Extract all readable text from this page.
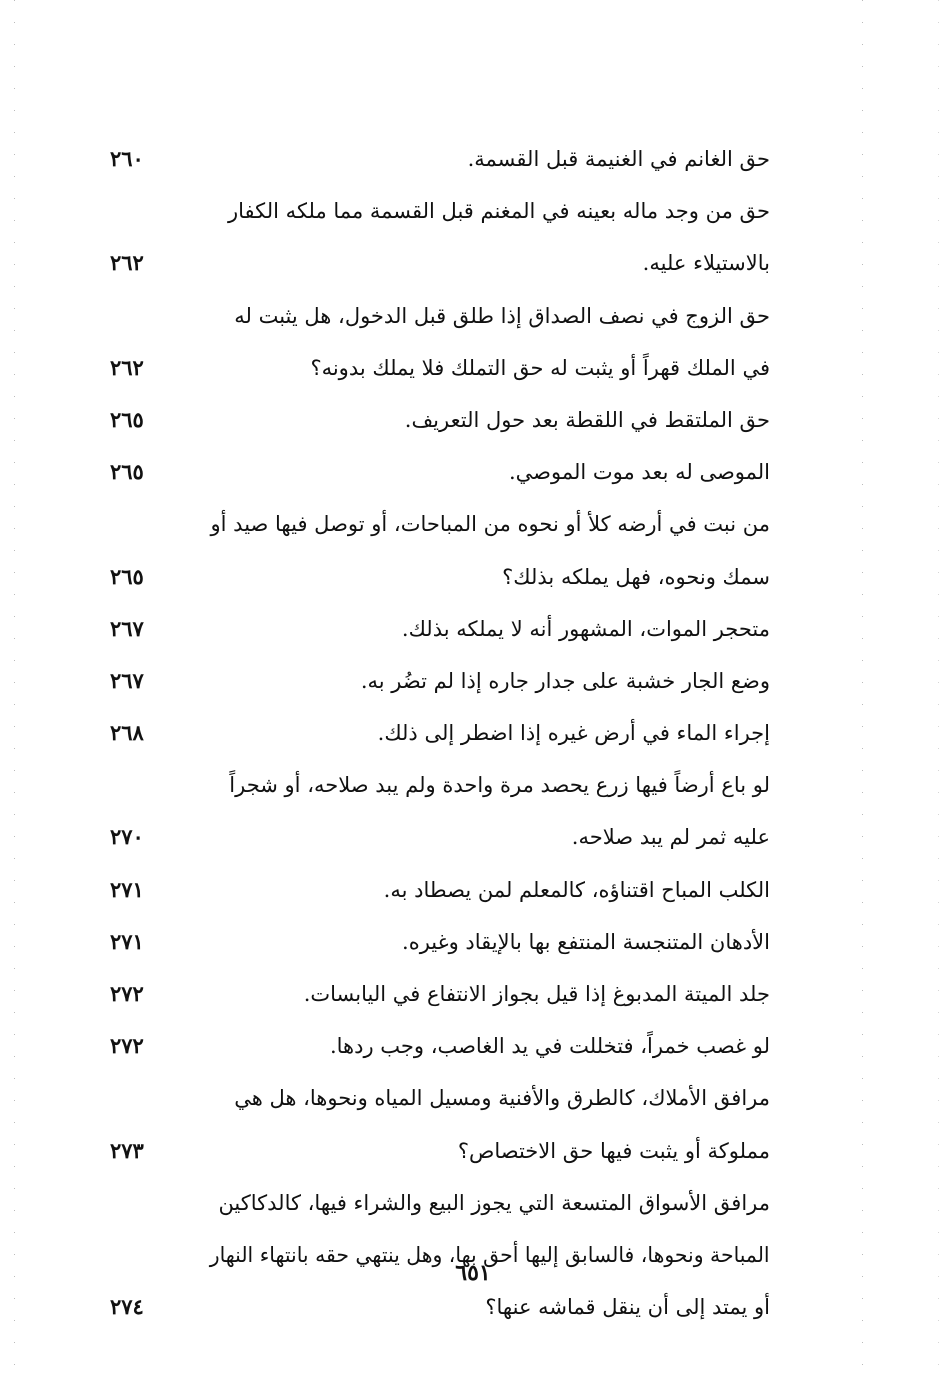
حق الغانم في الغنيمة قبل القسمة.
٢٦٠
حق من وجد ماله بعينه في المغنم قبل القسمة مما ملكه الكفار
بالاستيلاء عليه.
٢٦٢
حق الزوج في نصف الصداق إذا طلق قبل الدخول، هل يثبت له
في الملك قهراً أو يثبت له حق التملك فلا يملك بدونه؟
٢٦٢
حق الملتقط في اللقطة بعد حول التعريف.
٢٦٥
الموصى له بعد موت الموصي.
٢٦٥
من نبت في أرضه كلأ أو نحوه من المباحات، أو توصل فيها صيد أو
سمك ونحوه، فهل يملكه بذلك؟
٢٦٥
متحجر الموات، المشهور أنه لا يملكه بذلك.
٢٦٧
وضع الجار خشبة على جدار جاره إذا لم تضُر به.
٢٦٧
إجراء الماء في أرض غيره إذا اضطر إلى ذلك.
٢٦٨
لو باع أرضاً فيها زرع يحصد مرة واحدة ولم يبد صلاحه، أو شجراً
عليه ثمر لم يبد صلاحه.
٢٧٠
الكلب المباح اقتناؤه، كالمعلم لمن يصطاد به.
٢٧١
الأدهان المتنجسة المنتفع بها بالإيقاد وغيره.
٢٧١
جلد الميتة المدبوغ إذا قيل بجواز الانتفاع في اليابسات.
٢٧٢
لو غصب خمراً، فتخللت في يد الغاصب، وجب ردها.
٢٧٢
مرافق الأملاك، كالطرق والأفنية ومسيل المياه ونحوها، هل هي
مملوكة أو يثبت فيها حق الاختصاص؟
٢٧٣
مرافق الأسواق المتسعة التي يجوز البيع والشراء فيها، كالدكاكين
المباحة ونحوها، فالسابق إليها أحق بها، وهل ينتهي حقه بانتهاء النهار
أو يمتد إلى أن ينقل قماشه عنها؟
٢٧٤
٦٥١
